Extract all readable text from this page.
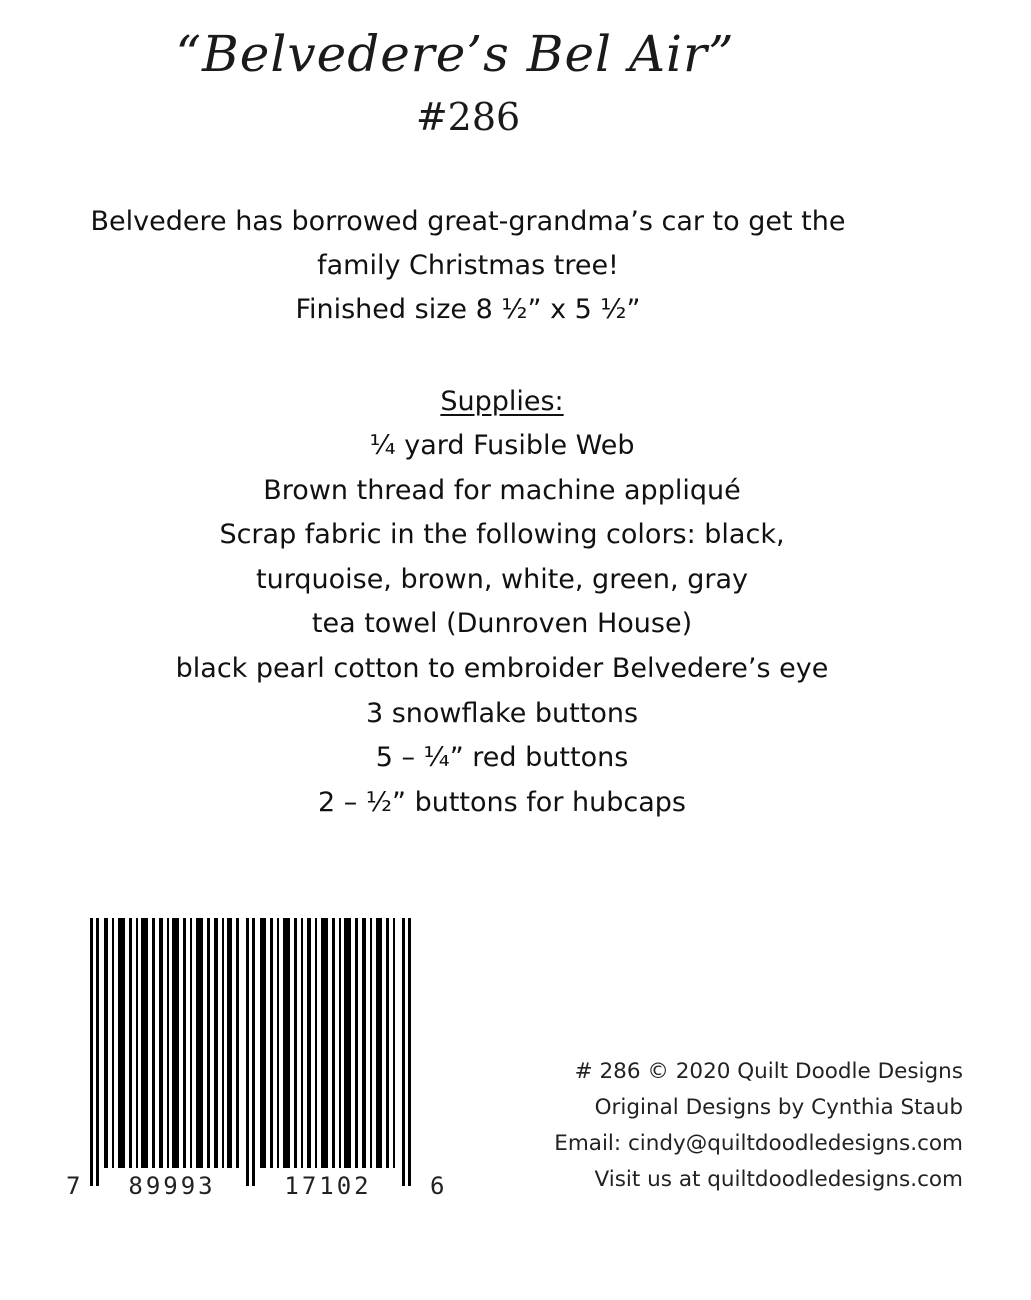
“Belvedere’s Bel Air”
#286
Belvedere has borrowed great-grandma’s car to get the
family Christmas tree!
Finished size 8 ½” x 5 ½”
Supplies:
¼ yard Fusible Web
Brown thread for machine appliqué
Scrap fabric in the following colors: black,
turquoise, brown, white, green, gray
tea towel (Dunroven House)
black pearl cotton to embroider Belvedere’s eye
3 snowflake buttons
5 – ¼” red buttons
2 – ½” buttons for hubcaps
7 89993	17102 6
# 286 © 2020 Quilt Doodle Designs
Original Designs by Cynthia Staub
Email: cindy@quiltdoodledesigns.com
Visit us at quiltdoodledesigns.com
